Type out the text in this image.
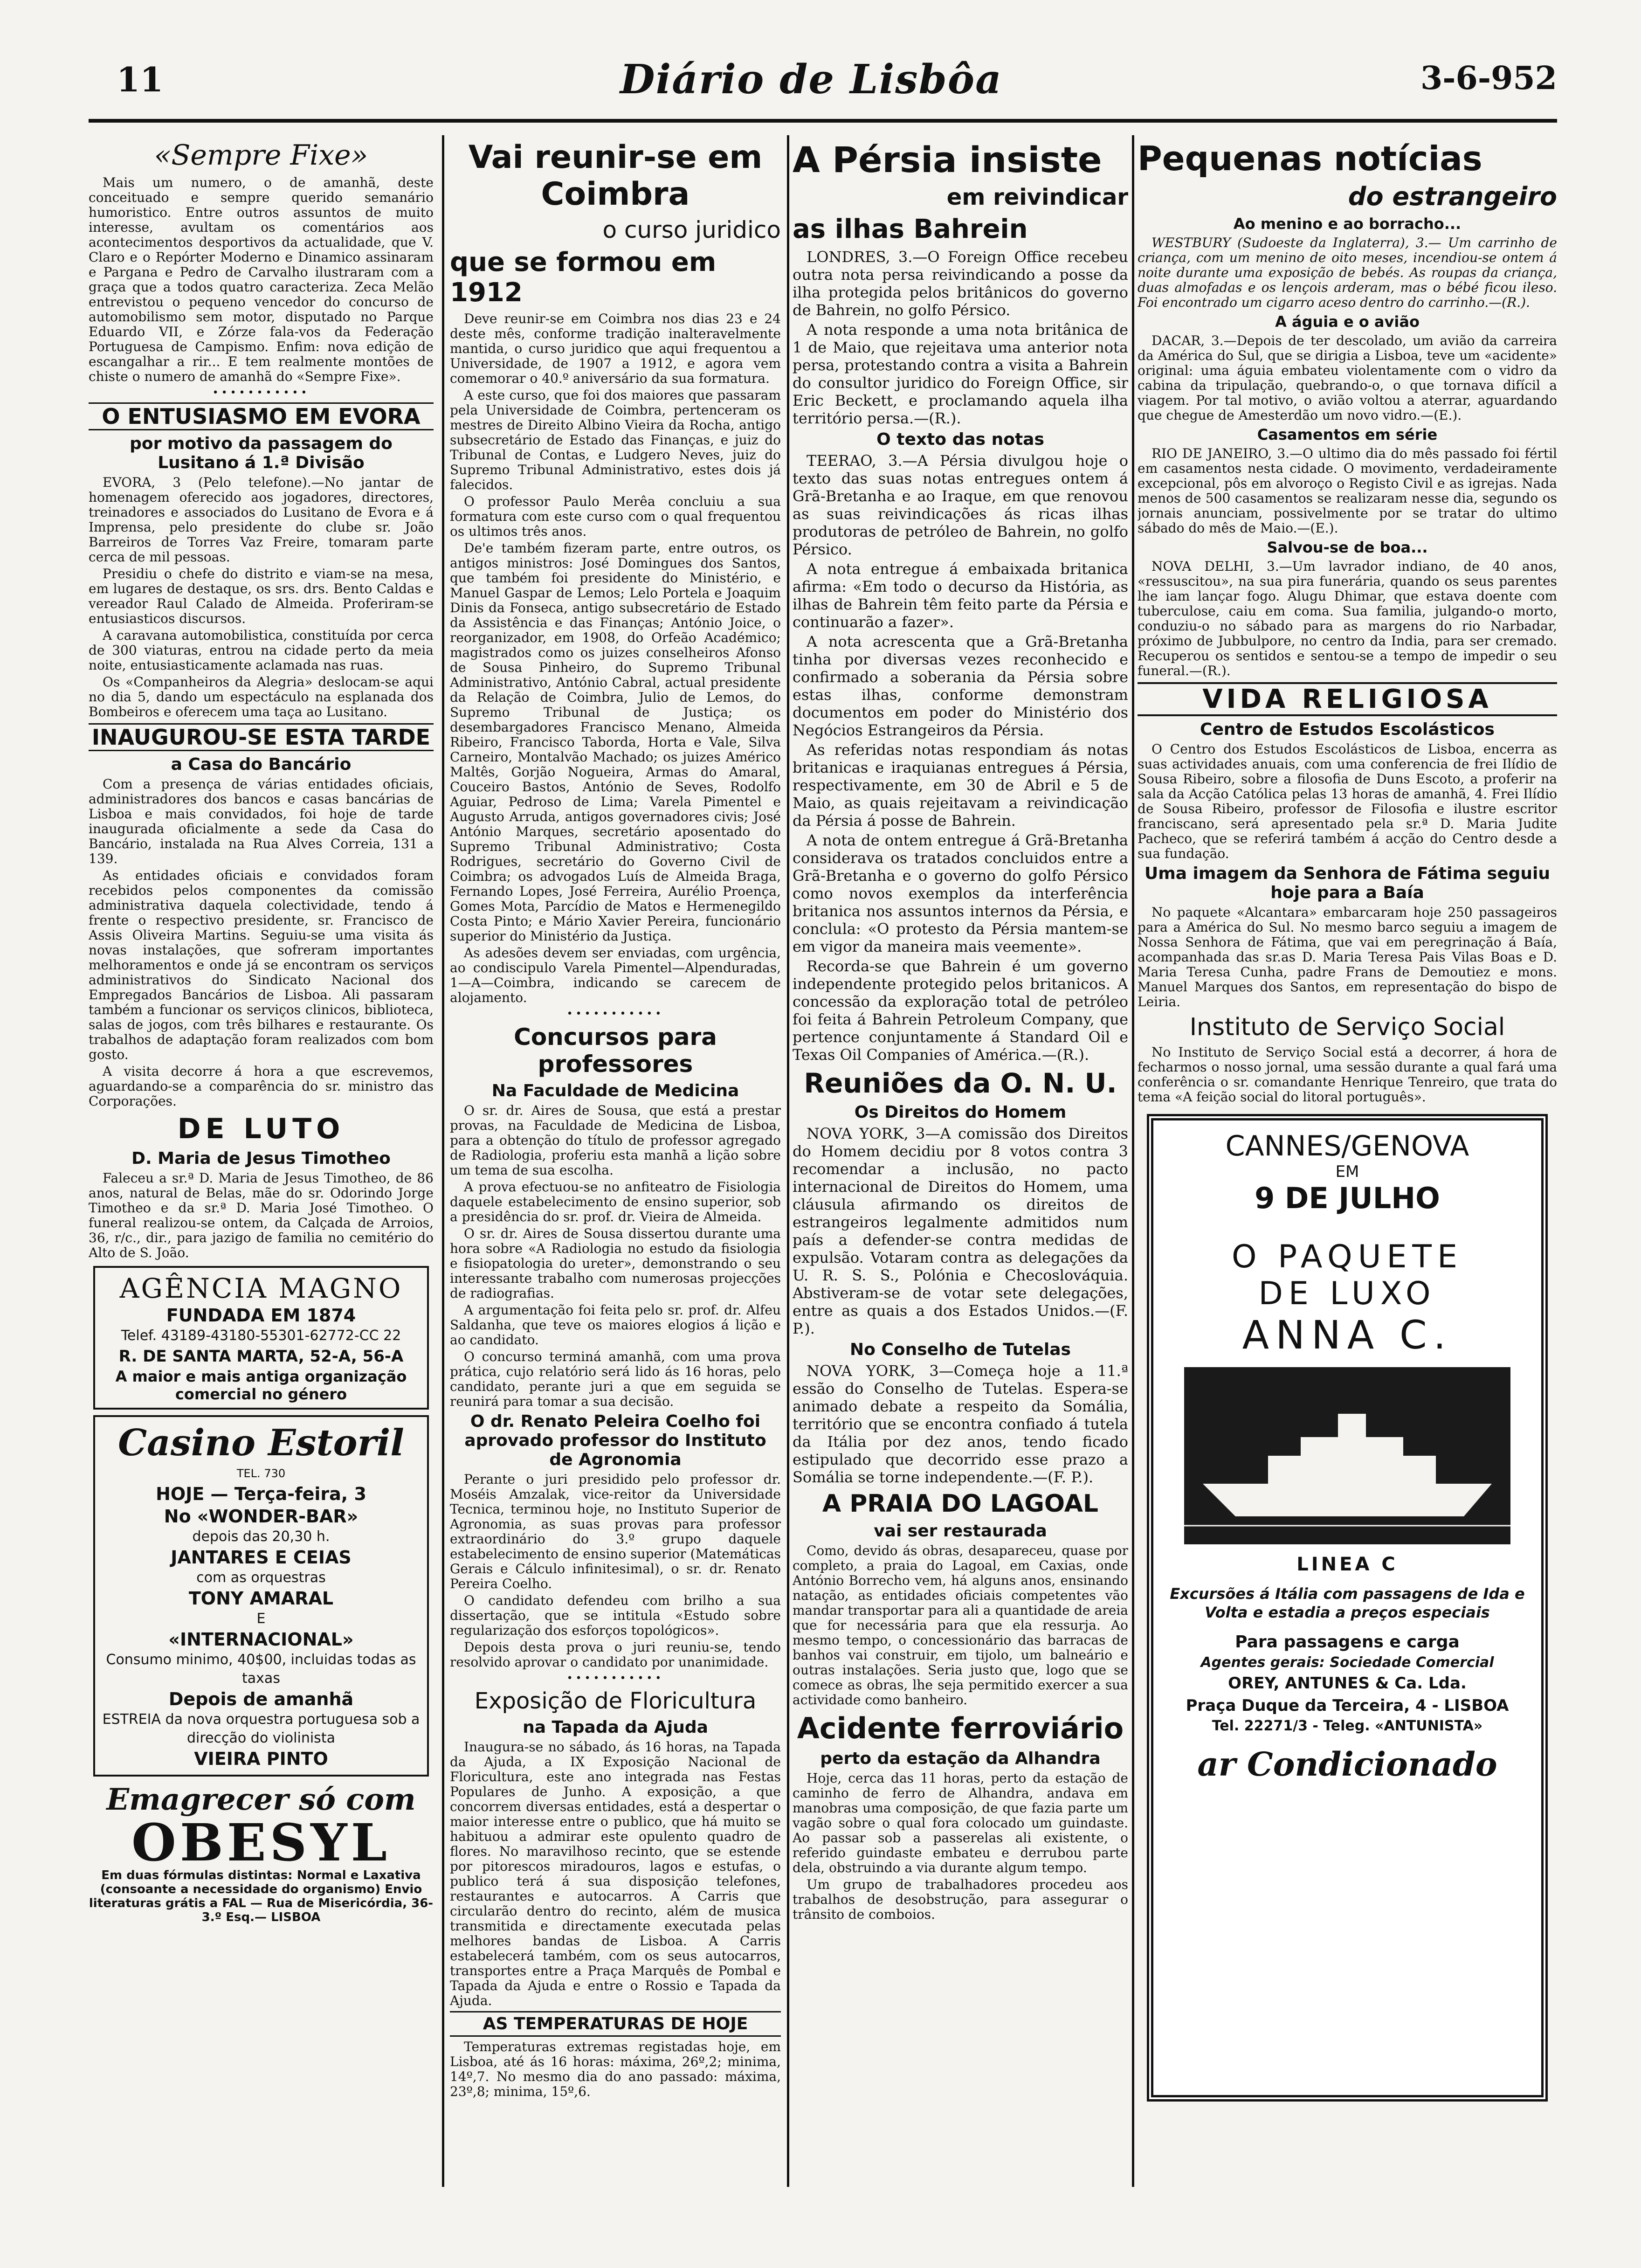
11	Diário de Lisbôa	3-6-952
«Sempre Fixe»

Mais um numero, o de amanhã, deste conceituado e sempre querido semanário humoristico. Entre outros assuntos de muito interesse, avultam os comentários aos acontecimentos desportivos da actualidade, que V. Claro e o Repórter Moderno e Dinamico assinaram e Pargana e Pedro de Carvalho ilustraram com a graça que a todos quatro caracteriza. Zeca Melão entrevistou o pequeno vencedor do concurso de automobilismo sem motor, disputado no Parque Eduardo VII, e Zórze fala-vos da Federação Portuguesa de Campismo. Enfim: nova edição de escangalhar a rir... E tem realmente montões de chiste o numero de amanhã do «Sempre Fixe».

•••••••••••
O ENTUSIASMO EM EVORA
por motivo da passagem do Lusitano á 1.ª Divisão

EVORA, 3 (Pelo telefone).—No jantar de homenagem oferecido aos jogadores, directores, treinadores e associados do Lusitano de Evora e á Imprensa, pelo presidente do clube sr. João Barreiros de Torres Vaz Freire, tomaram parte cerca de mil pessoas.

Presidiu o chefe do distrito e viam-se na mesa, em lugares de destaque, os srs. drs. Bento Caldas e vereador Raul Calado de Almeida. Proferiram-se entusiasticos discursos.

A caravana automobilistica, constituída por cerca de 300 viaturas, entrou na cidade perto da meia noite, entusiasticamente aclamada nas ruas.

Os «Companheiros da Alegria» deslocam-se aqui no dia 5, dando um espectáculo na esplanada dos Bombeiros e oferecem uma taça ao Lusitano.

INAUGUROU-SE ESTA TARDE
a Casa do Bancário

Com a presença de várias entidades oficiais, administradores dos bancos e casas bancárias de Lisboa e mais convidados, foi hoje de tarde inaugurada oficialmente a sede da Casa do Bancário, instalada na Rua Alves Correia, 131 a 139.

As entidades oficiais e convidados foram recebidos pelos componentes da comissão administrativa daquela colectividade, tendo á frente o respectivo presidente, sr. Francisco de Assis Oliveira Martins. Seguiu-se uma visita ás novas instalações, que sofreram importantes melhoramentos e onde já se encontram os serviços administrativos do Sindicato Nacional dos Empregados Bancários de Lisboa. Ali passaram também a funcionar os serviços clinicos, biblioteca, salas de jogos, com três bilhares e restaurante. Os trabalhos de adaptação foram realizados com bom gosto.

A visita decorre á hora a que escrevemos, aguardando-se a comparência do sr. ministro das Corporações.

DE LUTO
D. Maria de Jesus Timotheo

Faleceu a sr.ª D. Maria de Jesus Timotheo, de 86 anos, natural de Belas, mãe do sr. Odorindo Jorge Timotheo e da sr.ª D. Maria José Timotheo. O funeral realizou-se ontem, da Calçada de Arroios, 36, r/c., dir., para jazigo de familia no cemitério do Alto de S. João.

AGÊNCIA MAGNO
FUNDADA EM 1874
Telef. 43189-43180-55301-62772-CC 22
R. DE SANTA MARTA, 52-A, 56-A
A maior e mais antiga organização comercial no género
Casino Estoril
TEL. 730
HOJE — Terça-feira, 3
No «WONDER-BAR»
depois das 20,30 h.
JANTARES E CEIAS
com as orquestras
TONY AMARAL
E
«INTERNACIONAL»
Consumo minimo, 40$00, incluidas todas as taxas
Depois de amanhã
ESTREIA da nova orquestra portuguesa sob a direcção do violinista
VIEIRA PINTO
Emagrecer só com
OBESYL
Em duas fórmulas distintas: Normal e Laxativa (consoante a necessidade do organismo) Envio literaturas grátis a FAL — Rua de Misericórdia, 36-3.º Esq.— LISBOA
Vai reunir-se em Coimbra
o curso juridico
que se formou em 1912

Deve reunir-se em Coimbra nos dias 23 e 24 deste mês, conforme tradição inalteravelmente mantida, o curso juridico que aqui frequentou a Universidade, de 1907 a 1912, e agora vem comemorar o 40.º aniversário da sua formatura.

A este curso, que foi dos maiores que passaram pela Universidade de Coimbra, pertenceram os mestres de Direito Albino Vieira da Rocha, antigo subsecretário de Estado das Finanças, e juiz do Tribunal de Contas, e Ludgero Neves, juiz do Supremo Tribunal Administrativo, estes dois já falecidos.

O professor Paulo Merêa concluiu a sua formatura com este curso com o qual frequentou os ultimos três anos.

De'e também fizeram parte, entre outros, os antigos ministros: José Domingues dos Santos, que também foi presidente do Ministério, e Manuel Gaspar de Lemos; Lelo Portela e Joaquim Dinis da Fonseca, antigo subsecretário de Estado da Assistência e das Finanças; António Joice, o reorganizador, em 1908, do Orfeão Académico; magistrados como os juizes conselheiros Afonso de Sousa Pinheiro, do Supremo Tribunal Administrativo, António Cabral, actual presidente da Relação de Coimbra, Julio de Lemos, do Supremo Tribunal de Justiça; os desembargadores Francisco Menano, Almeida Ribeiro, Francisco Taborda, Horta e Vale, Silva Carneiro, Montalvão Machado; os juizes Américo Maltês, Gorjão Nogueira, Armas do Amaral, Couceiro Bastos, António de Seves, Rodolfo Aguiar, Pedroso de Lima; Varela Pimentel e Augusto Arruda, antigos governadores civis; José António Marques, secretário aposentado do Supremo Tribunal Administrativo; Costa Rodrigues, secretário do Governo Civil de Coimbra; os advogados Luís de Almeida Braga, Fernando Lopes, José Ferreira, Aurélio Proença, Gomes Mota, Parcídio de Matos e Hermenegildo Costa Pinto; e Mário Xavier Pereira, funcionário superior do Ministério da Justiça.

As adesões devem ser enviadas, com urgência, ao condiscipulo Varela Pimentel—Alpenduradas, 1—A—Coimbra, indicando se carecem de alojamento.

•••••••••••
Concursos para professores
Na Faculdade de Medicina

O sr. dr. Aires de Sousa, que está a prestar provas, na Faculdade de Medicina de Lisboa, para a obtenção do título de professor agregado de Radiologia, proferiu esta manhã a lição sobre um tema de sua escolha.

A prova efectuou-se no anfiteatro de Fisiologia daquele estabelecimento de ensino superior, sob a presidência do sr. prof. dr. Vieira de Almeida.

O sr. dr. Aires de Sousa dissertou durante uma hora sobre «A Radiologia no estudo da fisiologia e fisiopatologia do ureter», demonstrando o seu interessante trabalho com numerosas projecções de radiografias.

A argumentação foi feita pelo sr. prof. dr. Alfeu Saldanha, que teve os maiores elogios á lição e ao candidato.

O concurso terminá amanhã, com uma prova prática, cujo relatório será lido ás 16 horas, pelo candidato, perante juri a que em seguida se reunirá para tomar a sua decisão.

O dr. Renato Peleira Coelho foi aprovado professor do Instituto de Agronomia

Perante o juri presidido pelo professor dr. Moséis Amzalak, vice-reitor da Universidade Tecnica, terminou hoje, no Instituto Superior de Agronomia, as suas provas para professor extraordinário do 3.º grupo daquele estabelecimento de ensino superior (Matemáticas Gerais e Cálculo infinitesimal), o sr. dr. Renato Pereira Coelho.

O candidato defendeu com brilho a sua dissertação, que se intitula «Estudo sobre regularização dos esforços topológicos».

Depois desta prova o juri reuniu-se, tendo resolvido aprovar o candidato por unanimidade.

•••••••••••
Exposição de Floricultura
na Tapada da Ajuda

Inaugura-se no sábado, ás 16 horas, na Tapada da Ajuda, a IX Exposição Nacional de Floricultura, este ano integrada nas Festas Populares de Junho. A exposição, a que concorrem diversas entidades, está a despertar o maior interesse entre o publico, que há muito se habituou a admirar este opulento quadro de flores. No maravilhoso recinto, que se estende por pitorescos miradouros, lagos e estufas, o publico terá á sua disposição telefones, restaurantes e autocarros. A Carris que circularão dentro do recinto, além de musica transmitida e directamente executada pelas melhores bandas de Lisboa. A Carris estabelecerá também, com os seus autocarros, transportes entre a Praça Marquês de Pombal e Tapada da Ajuda e entre o Rossio e Tapada da Ajuda.

AS TEMPERATURAS DE HOJE

Temperaturas extremas registadas hoje, em Lisboa, até ás 16 horas: máxima, 26º,2; minima, 14º,7. No mesmo dia do ano passado: máxima, 23º,8; minima, 15º,6.

A Pérsia insiste
em reivindicar
as ilhas Bahrein

LONDRES, 3.—O Foreign Office recebeu outra nota persa reivindicando a posse da ilha protegida pelos britânicos do governo de Bahrein, no golfo Pérsico.

A nota responde a uma nota britânica de 1 de Maio, que rejeitava uma anterior nota persa, protestando contra a visita a Bahrein do consultor juridico do Foreign Office, sir Eric Beckett, e proclamando aquela ilha território persa.—(R.).

O texto das notas

TEERAO, 3.—A Pérsia divulgou hoje o texto das suas notas entregues ontem á Grã-Bretanha e ao Iraque, em que renovou as suas reivindicações ás ricas ilhas produtoras de petróleo de Bahrein, no golfo Pérsico.

A nota entregue á embaixada britanica afirma: «Em todo o decurso da História, as ilhas de Bahrein têm feito parte da Pérsia e continuarão a fazer».

A nota acrescenta que a Grã-Bretanha tinha por diversas vezes reconhecido e confirmado a soberania da Pérsia sobre estas ilhas, conforme demonstram documentos em poder do Ministério dos Negócios Estrangeiros da Pérsia.

As referidas notas respondiam ás notas britanicas e iraquianas entregues á Pérsia, respectivamente, em 30 de Abril e 5 de Maio, as quais rejeitavam a reivindicação da Pérsia á posse de Bahrein.

A nota de ontem entregue á Grã-Bretanha considerava os tratados concluidos entre a Grã-Bretanha e o governo do golfo Pérsico como novos exemplos da interferência britanica nos assuntos internos da Pérsia, e conclula: «O protesto da Pérsia mantem-se em vigor da maneira mais veemente».

Recorda-se que Bahrein é um governo independente protegido pelos britanicos. A concessão da exploração total de petróleo foi feita á Bahrein Petroleum Company, que pertence conjuntamente á Standard Oil e Texas Oil Companies of América.—(R.).

Reuniões da O. N. U.
Os Direitos do Homem

NOVA YORK, 3—A comissão dos Direitos do Homem decidiu por 8 votos contra 3 recomendar a inclusão, no pacto internacional de Direitos do Homem, uma cláusula afirmando os direitos de estrangeiros legalmente admitidos num país a defender-se contra medidas de expulsão. Votaram contra as delegações da U. R. S. S., Polónia e Checoslováquia. Abstiveram-se de votar sete delegações, entre as quais a dos Estados Unidos.—(F. P.).

No Conselho de Tutelas

NOVA YORK, 3—Começa hoje a 11.ª essão do Conselho de Tutelas. Espera-se animado debate a respeito da Somália, território que se encontra confiado á tutela da Itália por dez anos, tendo ficado estipulado que decorrido esse prazo a Somália se torne independente.—(F. P.).

A PRAIA DO LAGOAL
vai ser restaurada

Como, devido ás obras, desapareceu, quase por completo, a praia do Lagoal, em Caxias, onde António Borrecho vem, há alguns anos, ensinando natação, as entidades oficiais competentes vão mandar transportar para ali a quantidade de areia que for necessária para que ela ressurja. Ao mesmo tempo, o concessionário das barracas de banhos vai construir, em tijolo, um balneário e outras instalações. Seria justo que, logo que se comece as obras, lhe seja permitido exercer a sua actividade como banheiro.

Acidente ferroviário
perto da estação da Alhandra

Hoje, cerca das 11 horas, perto da estação de caminho de ferro de Alhandra, andava em manobras uma composição, de que fazia parte um vagão sobre o qual fora colocado um guindaste. Ao passar sob a passerelas ali existente, o referido guindaste embateu e derrubou parte dela, obstruindo a via durante algum tempo.

Um grupo de trabalhadores procedeu aos trabalhos de desobstrução, para assegurar o trânsito de comboios.

Pequenas notícias
do estrangeiro
Ao menino e ao borracho...

WESTBURY (Sudoeste da Inglaterra), 3.— Um carrinho de criança, com um menino de oito meses, incendiou-se ontem á noite durante uma exposição de bebés. As roupas da criança, duas almofadas e os lençois arderam, mas o bébé ficou ileso. Foi encontrado um cigarro aceso dentro do carrinho.—(R.).

A águia e o avião

DACAR, 3.—Depois de ter descolado, um avião da carreira da América do Sul, que se dirigia a Lisboa, teve um «acidente» original: uma águia embateu violentamente com o vidro da cabina da tripulação, quebrando-o, o que tornava difícil a viagem. Por tal motivo, o avião voltou a aterrar, aguardando que chegue de Amesterdão um novo vidro.—(E.).

Casamentos em série

RIO DE JANEIRO, 3.—O ultimo dia do mês passado foi fértil em casamentos nesta cidade. O movimento, verdadeiramente excepcional, pôs em alvoroço o Registo Civil e as igrejas. Nada menos de 500 casamentos se realizaram nesse dia, segundo os jornais anunciam, possivelmente por se tratar do ultimo sábado do mês de Maio.—(E.).

Salvou-se de boa...

NOVA DELHI, 3.—Um lavrador indiano, de 40 anos, «ressuscitou», na sua pira funerária, quando os seus parentes lhe iam lançar fogo. Alugu Dhimar, que estava doente com tuberculose, caiu em coma. Sua familia, julgando-o morto, conduziu-o no sábado para as margens do rio Narbadar, próximo de Jubbulpore, no centro da India, para ser cremado. Recuperou os sentidos e sentou-se a tempo de impedir o seu funeral.—(R.).

VIDA RELIGIOSA
Centro de Estudos Escolásticos

O Centro dos Estudos Escolásticos de Lisboa, encerra as suas actividades anuais, com uma conferencia de frei Ilídio de Sousa Ribeiro, sobre a filosofia de Duns Escoto, a proferir na sala da Acção Católica pelas 13 horas de amanhã, 4. Frei Ilídio de Sousa Ribeiro, professor de Filosofia e ilustre escritor franciscano, será apresentado pela sr.ª D. Maria Judite Pacheco, que se referirá também á acção do Centro desde a sua fundação.

Uma imagem da Senhora de Fátima seguiu hoje para a Baía

No paquete «Alcantara» embarcaram hoje 250 passageiros para a América do Sul. No mesmo barco seguiu a imagem de Nossa Senhora de Fátima, que vai em peregrinação á Baía, acompanhada das sr.as D. Maria Teresa Pais Vilas Boas e D. Maria Teresa Cunha, padre Frans de Demoutiez e mons. Manuel Marques dos Santos, em representação do bispo de Leiria.

Instituto de Serviço Social

No Instituto de Serviço Social está a decorrer, á hora de fecharmos o nosso jornal, uma sessão durante a qual fará uma conferência o sr. comandante Henrique Tenreiro, que trata do tema «A feição social do litoral português».

CANNES/GENOVA
EM
9 DE JULHO
O PAQUETE
DE LUXO
ANNA C.
LINEA C
Excursões á Itália com passagens de Ida e Volta e estadia a preços especiais
Para passagens e carga
Agentes gerais: Sociedade Comercial
OREY, ANTUNES & Ca. Lda.
Praça Duque da Terceira, 4 - LISBOA
Tel. 22271/3 - Teleg. «ANTUNISTA»
ar Condicionado
